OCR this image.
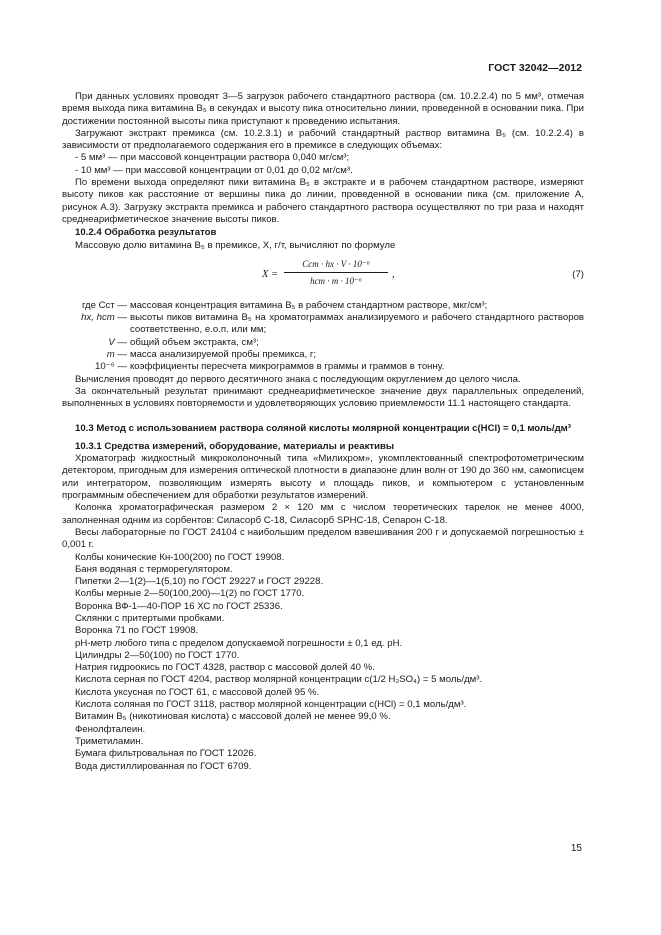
ГОСТ 32042—2012

При данных условиях проводят 3—5 загрузок рабочего стандартного раствора (см. 10.2.2.4) по 5 мм³, отмечая время выхода пика витамина B₅ в секундах и высоту пика относительно линии, проведенной в основании пика. При достижении постоянной высоты пика приступают к проведению испытания.

Загружают экстракт премикса (см. 10.2.3.1) и рабочий стандартный раствор витамина B₅ (см. 10.2.2.4) в зависимости от предполагаемого содержания его в премиксе в следующих объемах:

- 5 мм³ — при массовой концентрации раствора 0,040 мг/см³;

- 10 мм³ — при массовой концентрации от 0,01 до 0,02 мг/см³.

По времени выхода определяют пики витамина B₅ в экстракте и в рабочем стандартном растворе, измеряют высоту пиков как расстояние от вершины пика до линии, проведенной в основании пика (см. приложение А, рисунок А.3). Загрузку экстракта премикса и рабочего стандартного раствора осуществляют по три раза и находят среднеарифметическое значение высоты пиков.

10.2.4 Обработка результатов

Массовую долю витамина B₅ в премиксе, X, г/т, вычисляют по формуле

X =
Cст · hх · V · 10⁻⁶
hст · m · 10⁻⁶
,	(7)
где Cст — массовая концентрация витамина B₅ в рабочем стандартном растворе, мкг/см³;
hх, hст — высоты пиков витамина B₅ на хроматограммах анализируемого и рабочего стандартного растворов соответственно, е.о.п. или мм;
V — общий объем экстракта, см³;
m — масса анализируемой пробы премикса, г;
10⁻⁶ — коэффициенты пересчета микрограммов в граммы и граммов в тонну.

Вычисления проводят до первого десятичного знака с последующим округлением до целого числа.

За окончательный результат принимают среднеарифметическое значение двух параллельных определений, выполненных в условиях повторяемости и удовлетворяющих условию приемлемости 11.1 настоящего стандарта.

10.3 Метод с использованием раствора соляной кислоты молярной концентрации c(HCl) = 0,1 моль/дм³
10.3.1 Средства измерений, оборудование, материалы и реактивы

Хроматограф жидкостный микроколоночный типа «Милихром», укомплектованный спектрофотометрическим детектором, пригодным для измерения оптической плотности в диапазоне длин волн от 190 до 360 нм, самописцем или интегратором, позволяющим измерять высоту и площадь пиков, и компьютером с установленным программным обеспечением для обработки результатов измерений.

Колонка хроматографическая размером 2 × 120 мм с числом теоретических тарелок не менее 4000, заполненная одним из сорбентов: Силасорб С-18, Силасорб SPHC-18, Сепарон С-18.

Весы лабораторные по ГОСТ 24104 с наибольшим пределом взвешивания 200 г и допускаемой погрешностью ± 0,001 г.

Колбы конические Кн-100(200) по ГОСТ 19908.

Баня водяная с терморегулятором.

Пипетки 2—1(2)—1(5,10) по ГОСТ 29227 и ГОСТ 29228.

Колбы мерные 2—50(100,200)—1(2) по ГОСТ 1770.

Воронка ВФ-1—40-ПОР 16 ХС по ГОСТ 25336.

Склянки с притертыми пробками.

Воронка 71 по ГОСТ 19908.

pH-метр любого типа с пределом допускаемой погрешности ± 0,1 ед. pH.

Цилиндры 2—50(100) по ГОСТ 1770.

Натрия гидроокись по ГОСТ 4328, раствор с массовой долей 40 %.

Кислота серная по ГОСТ 4204, раствор молярной концентрации c(1/2 H₂SO₄) = 5 моль/дм³.

Кислота уксусная по ГОСТ 61, с массовой долей 95 %.

Кислота соляная по ГОСТ 3118, раствор молярной концентрации c(HCl) = 0,1 моль/дм³.

Витамин B₅ (никотиновая кислота) с массовой долей не менее 99,0 %.

Фенолфталеин.

Триметиламин.

Бумага фильтровальная по ГОСТ 12026.

Вода дистиллированная по ГОСТ 6709.

15
